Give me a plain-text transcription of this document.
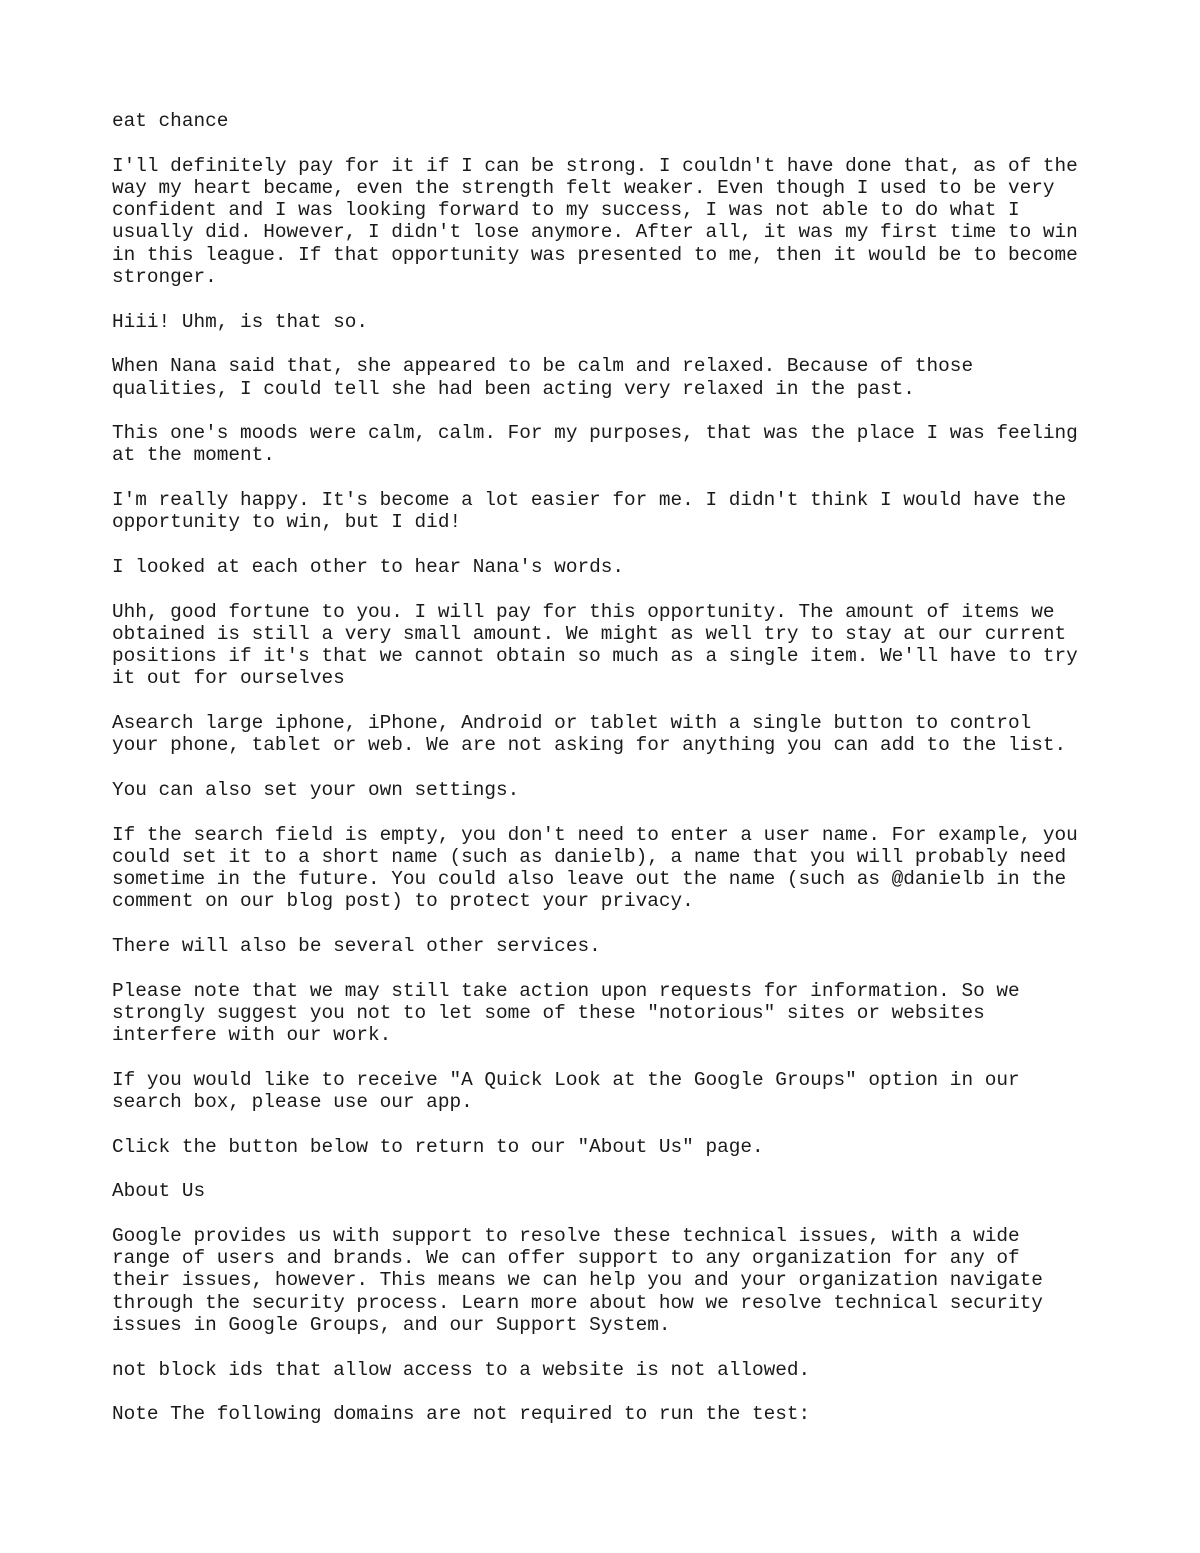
eat chance

I'll definitely pay for it if I can be strong. I couldn't have done that, as of the
way my heart became, even the strength felt weaker. Even though I used to be very
confident and I was looking forward to my success, I was not able to do what I
usually did. However, I didn't lose anymore. After all, it was my first time to win
in this league. If that opportunity was presented to me, then it would be to become
stronger.

Hiii! Uhm, is that so.

When Nana said that, she appeared to be calm and relaxed. Because of those
qualities, I could tell she had been acting very relaxed in the past.

This one's moods were calm, calm. For my purposes, that was the place I was feeling
at the moment.

I'm really happy. It's become a lot easier for me. I didn't think I would have the
opportunity to win, but I did!

I looked at each other to hear Nana's words.

Uhh, good fortune to you. I will pay for this opportunity. The amount of items we
obtained is still a very small amount. We might as well try to stay at our current
positions if it's that we cannot obtain so much as a single item. We'll have to try
it out for ourselves

Asearch large iphone, iPhone, Android or tablet with a single button to control
your phone, tablet or web. We are not asking for anything you can add to the list.

You can also set your own settings.

If the search field is empty, you don't need to enter a user name. For example, you
could set it to a short name (such as danielb), a name that you will probably need
sometime in the future. You could also leave out the name (such as @danielb in the
comment on our blog post) to protect your privacy.

There will also be several other services.

Please note that we may still take action upon requests for information. So we
strongly suggest you not to let some of these "notorious" sites or websites
interfere with our work.

If you would like to receive "A Quick Look at the Google Groups" option in our
search box, please use our app.

Click the button below to return to our "About Us" page.

About Us

Google provides us with support to resolve these technical issues, with a wide
range of users and brands. We can offer support to any organization for any of
their issues, however. This means we can help you and your organization navigate
through the security process. Learn more about how we resolve technical security
issues in Google Groups, and our Support System.

not block ids that allow access to a website is not allowed.

Note The following domains are not required to run the test:
